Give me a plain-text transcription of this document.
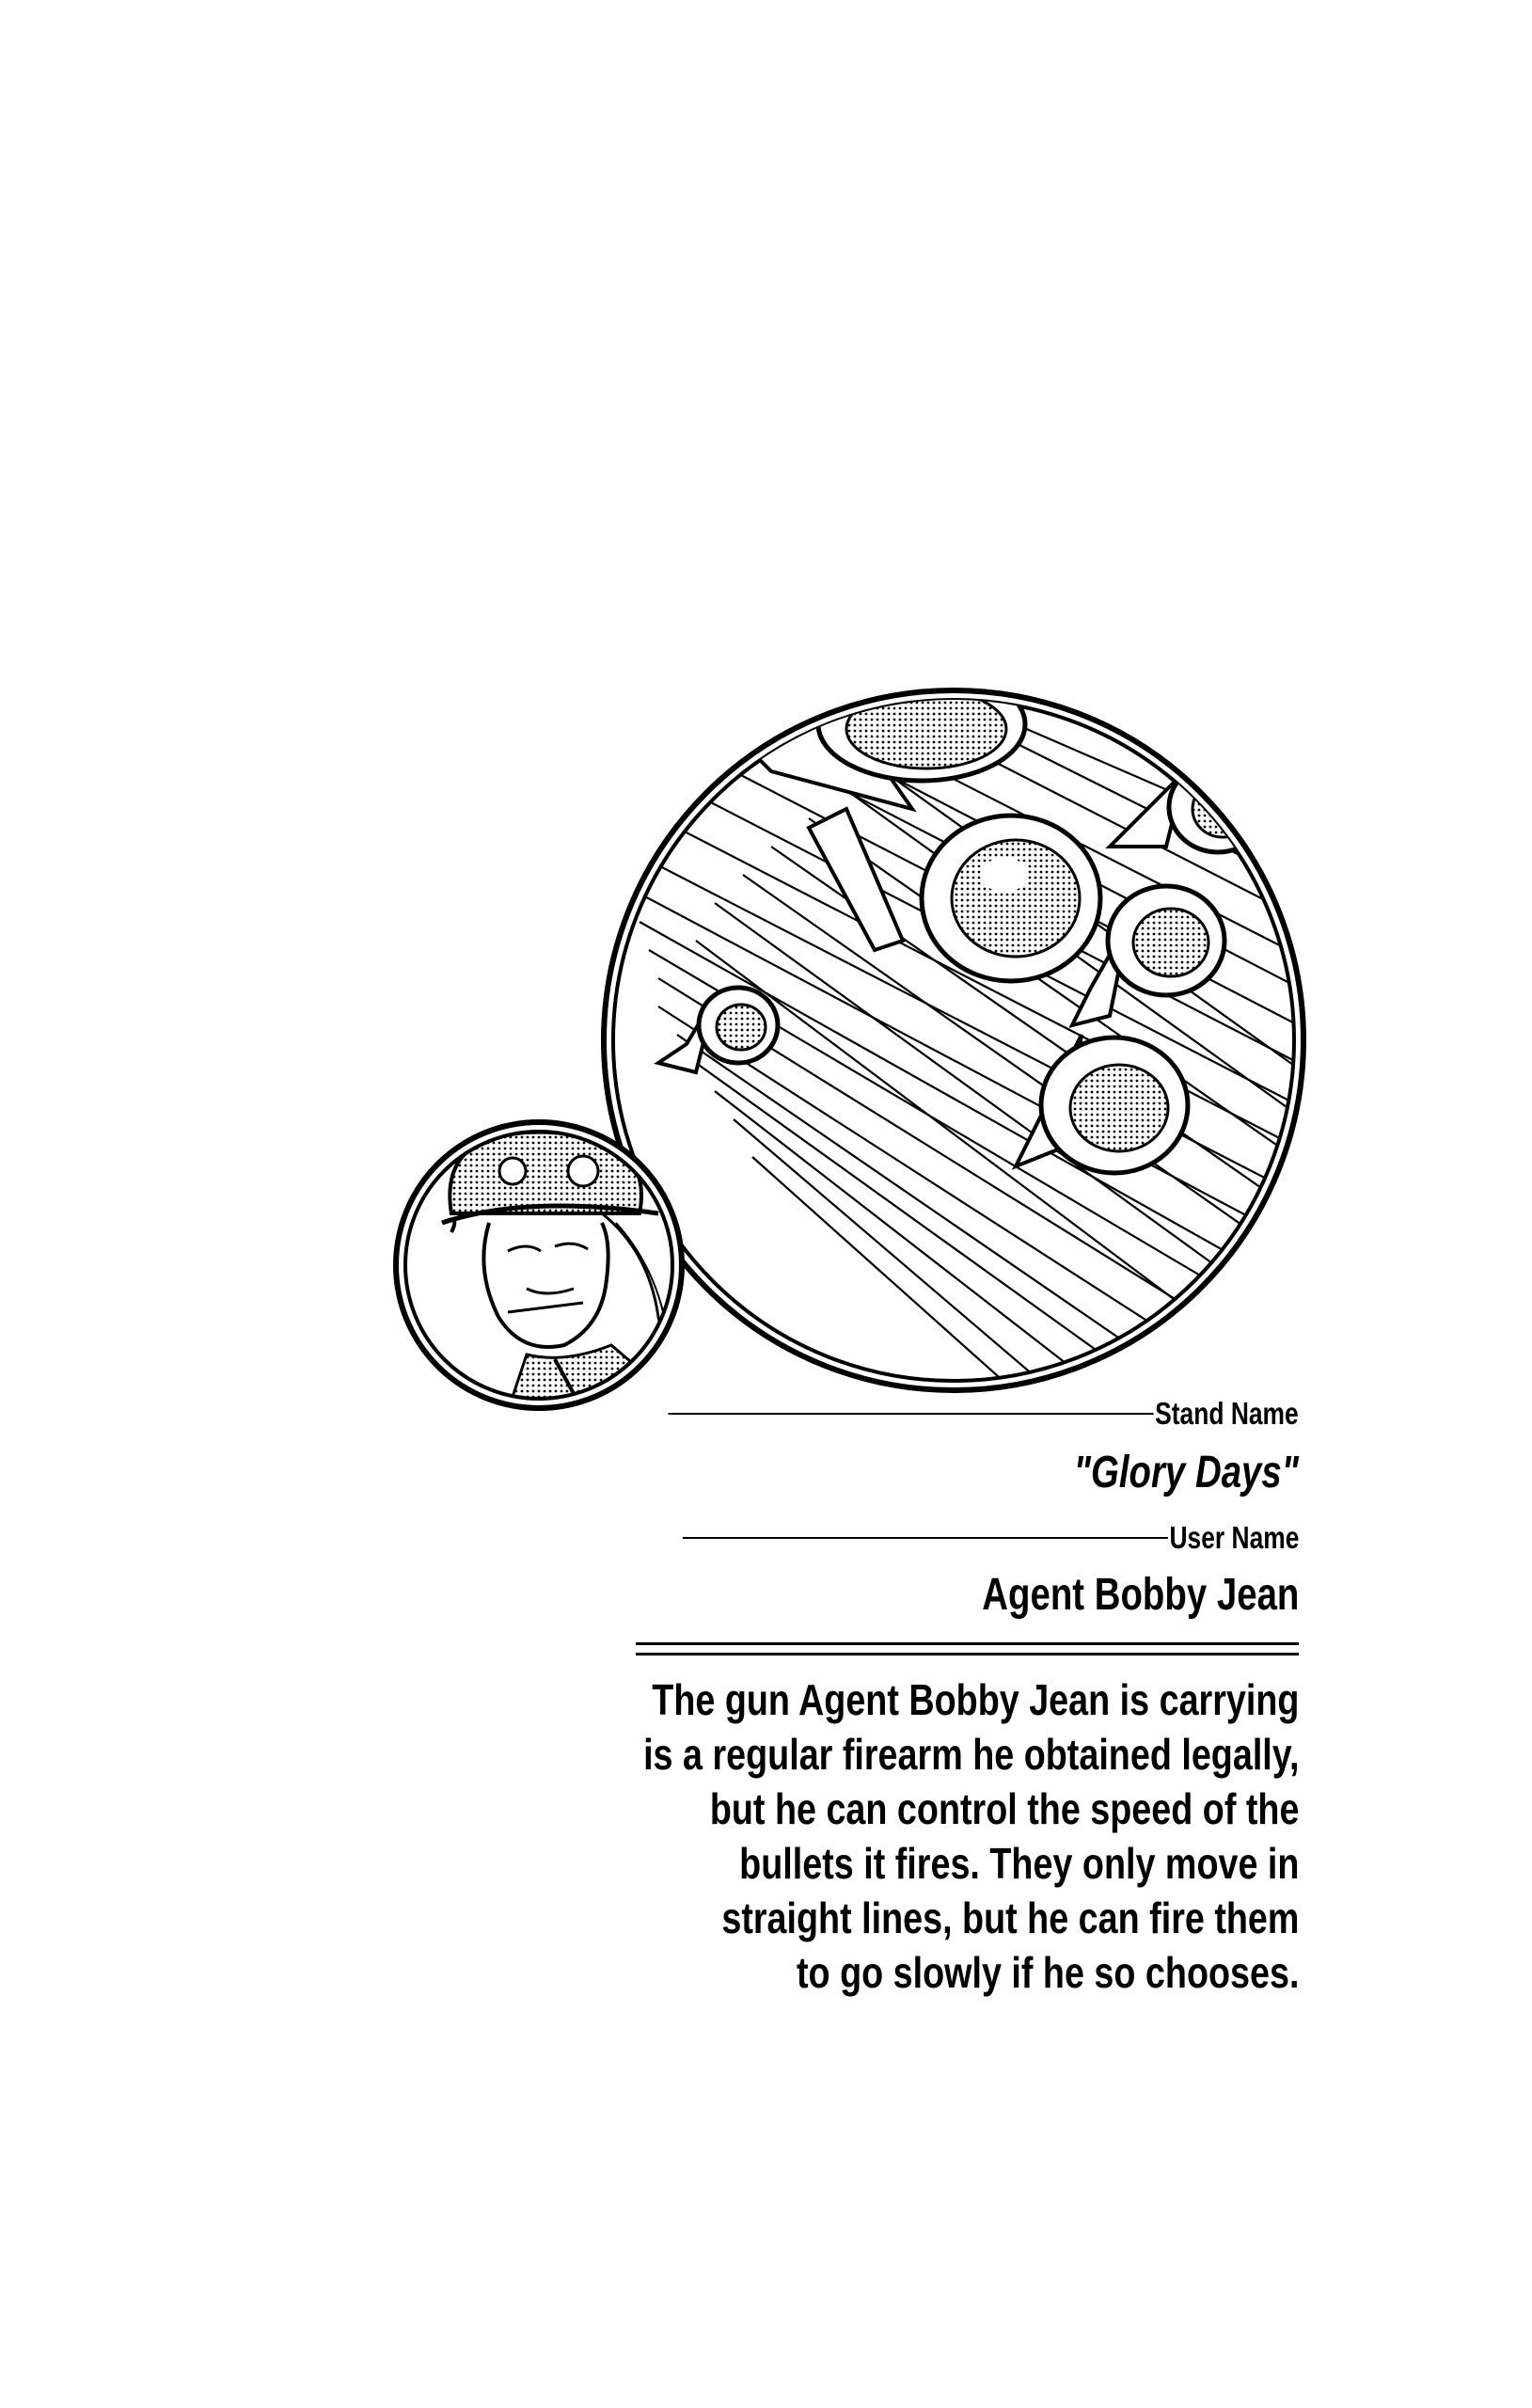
Stand Name
"Glory Days"
User Name
Agent Bobby Jean
The gun Agent Bobby Jean is carrying
is a regular firearm he obtained legally,
but he can control the speed of the
bullets it fires. They only move in
straight lines, but he can fire them
to go slowly if he so chooses.
